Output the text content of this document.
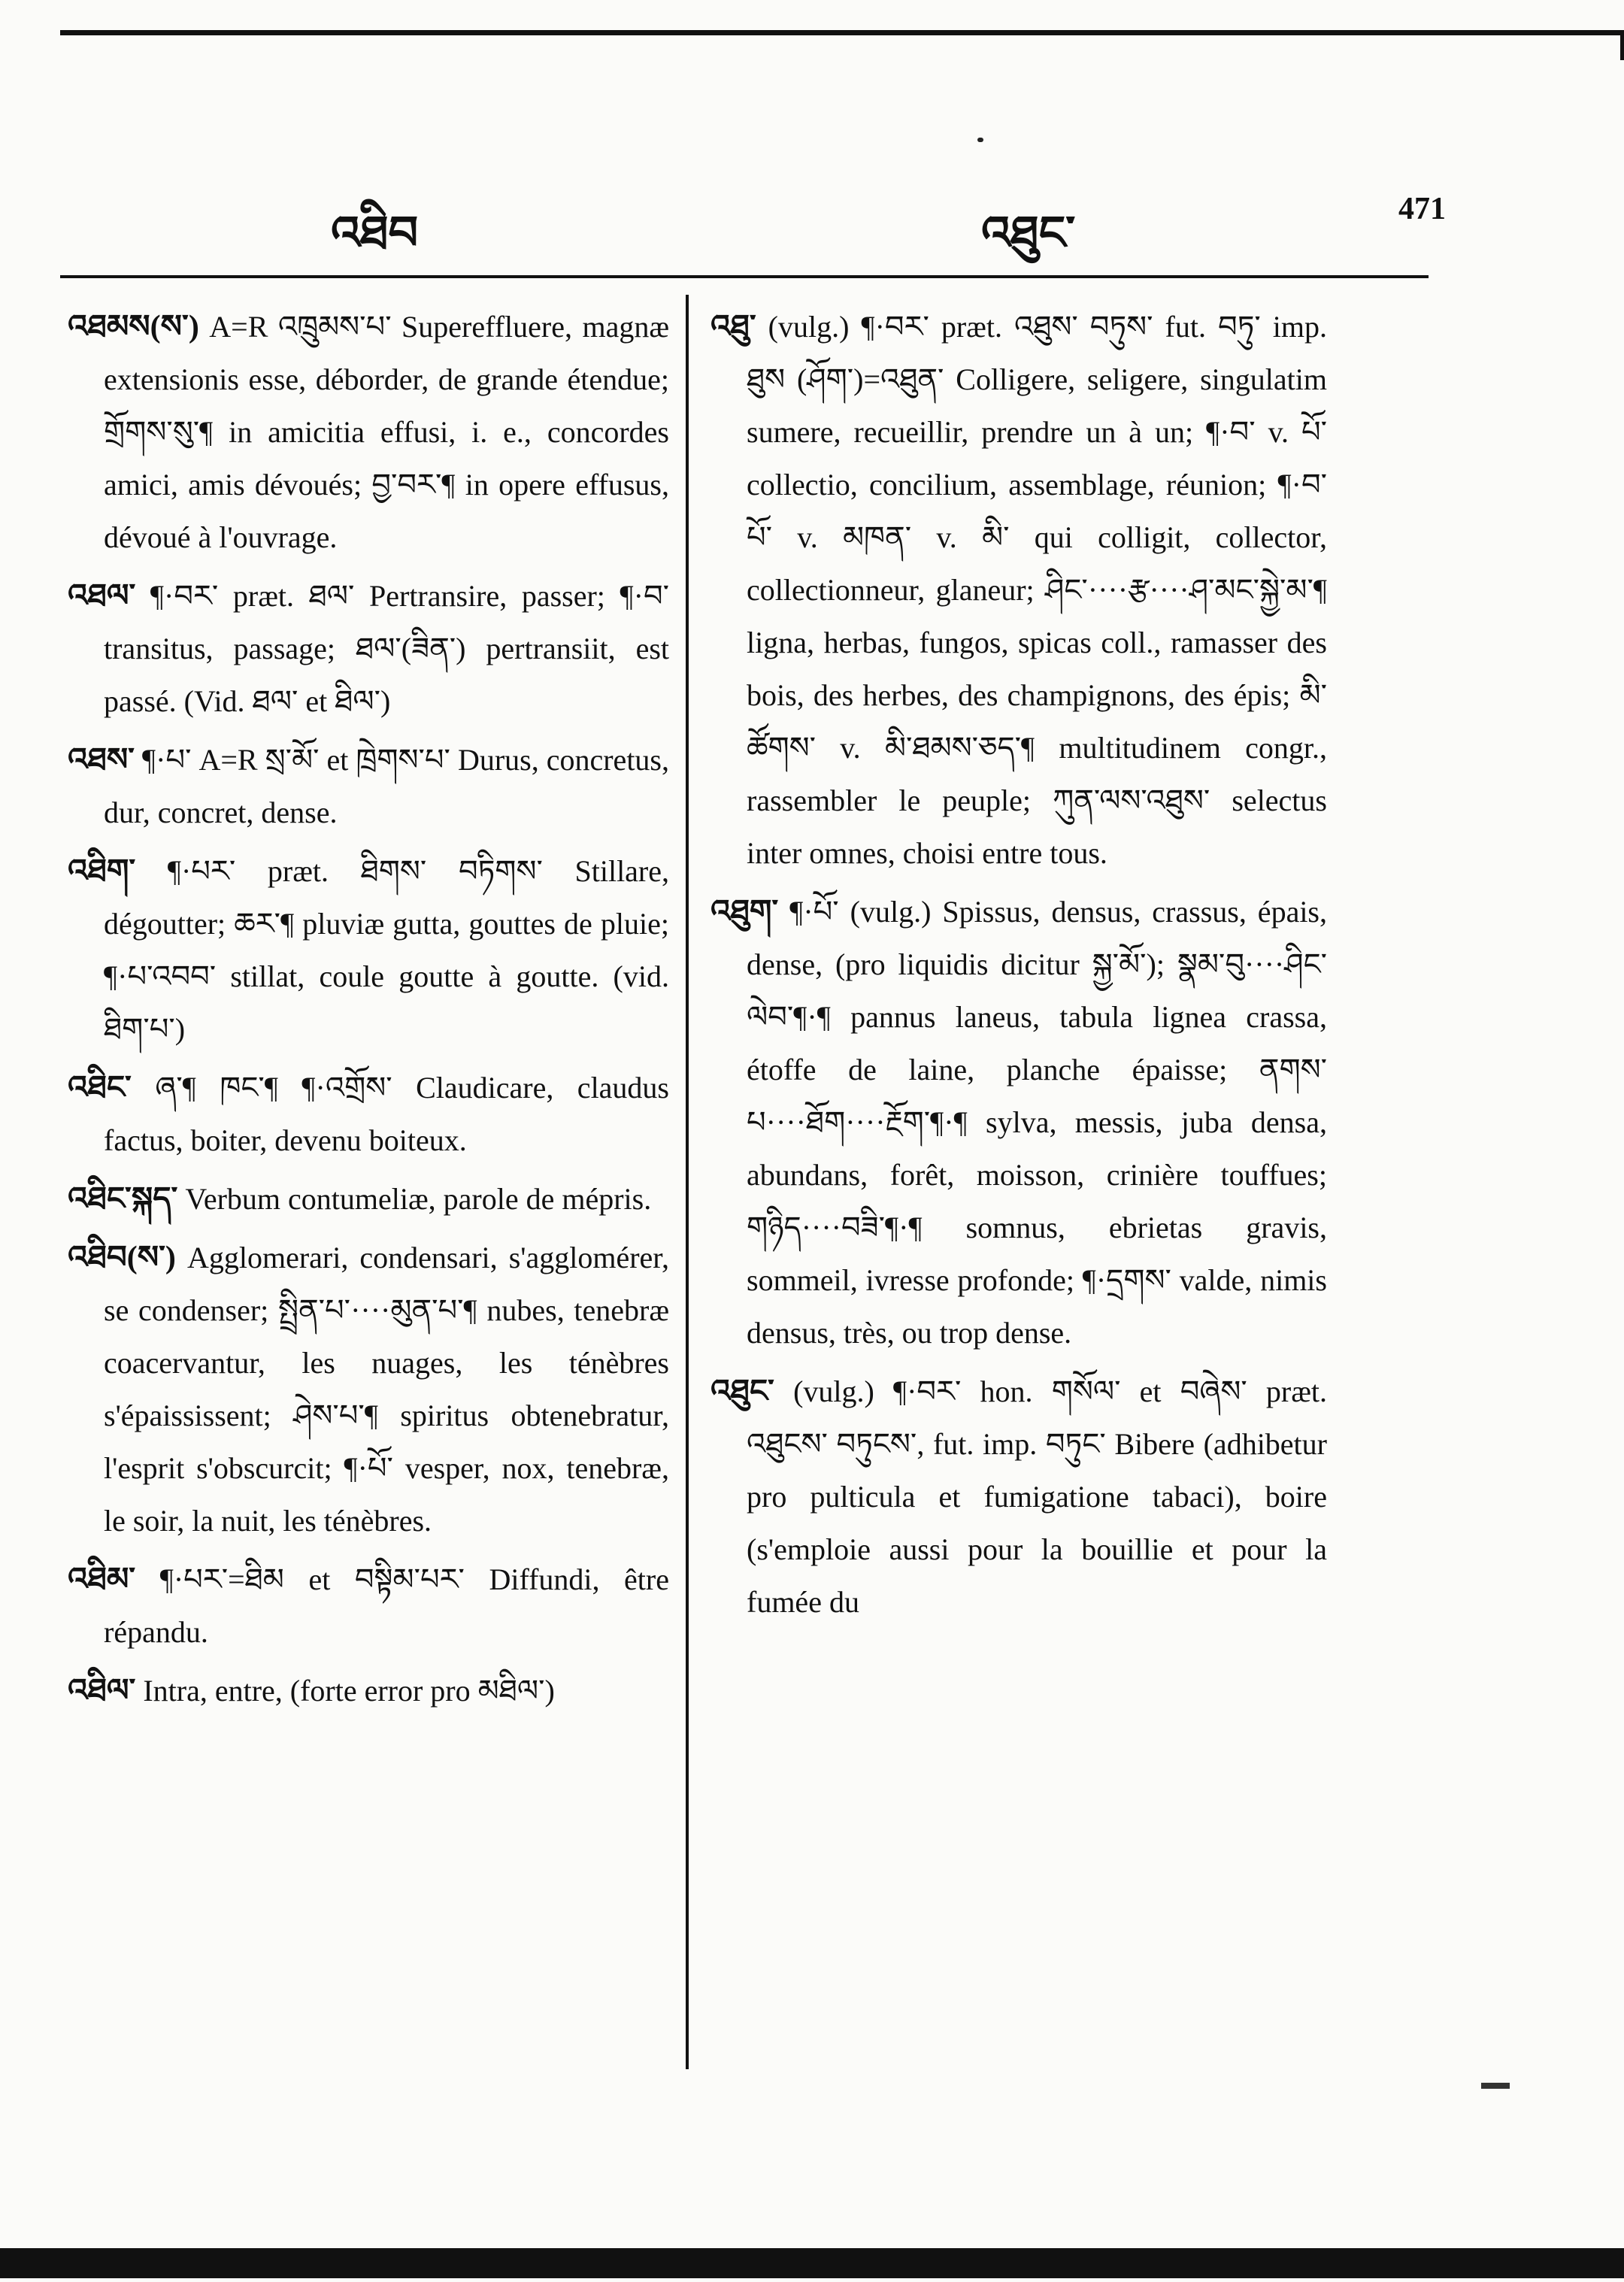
འཐིབ	འཐུང་	471

འཐམས(ས་) A=R འཁྲུམས་པ་ Supereffluere, magnæ extensionis esse, déborder, de grande étendue; གྲོགས་སུ་¶ in amicitia effusi, i. e., concordes amici, amis dévoués; བྱ་བར་¶ in opere effusus, dévoué à l'ouvrage.

འཐལ་ ¶·བར་ præt. ཐལ་ Pertransire, passer; ¶·བ་ transitus, passage; ཐལ་(ཟིན་) pertransiit, est passé. (Vid. ཐལ་ et ཐིལ་)

འཐས་ ¶·པ་ A=R སྲ་མོ་ et ཁྲེགས་པ་ Durus, concretus, dur, concret, dense.

འཐིག་ ¶·པར་ præt. ཐིགས་ བཏིགས་ Stillare, dégoutter; ཆར་¶ pluviæ gutta, gouttes de pluie; ¶·པ་འབབ་ stillat, coule goutte à goutte. (vid. ཐིག་པ་)

འཐིང་ ཞ་¶ ཁང་¶ ¶·འགྲོས་ Claudicare, claudus factus, boiter, devenu boiteux.

འཐིང་སྐད་ Verbum contumeliæ, parole de mépris.

འཐིབ(ས་) Agglomerari, condensari, s'agglomérer, se condenser; སྤྲིན་པ་····མུན་པ་¶ nubes, tenebræ coacervantur, les nuages, les ténèbres s'épaississent; ཤེས་པ་¶ spiritus obtenebratur, l'esprit s'obscurcit; ¶·པོ་ vesper, nox, tenebræ, le soir, la nuit, les ténèbres.

འཐིམ་ ¶·པར་=ཐིམ et བསྟིམ་པར་ Diffundi, être répandu.

འཐིལ་ Intra, entre, (forte error pro མཐིལ་)

འཐུ་ (vulg.) ¶·བར་ præt. འཐུས་ བཏུས་ fut. བཏུ་ imp. ཐུས (ཤོག་)=འཐུན་ Colligere, seligere, singulatim sumere, recueillir, prendre un à un; ¶·བ་ v. པོ་ collectio, concilium, assemblage, réunion; ¶·བ་པོ་ v. མཁན་ v. མི་ qui colligit, collector, collectionneur, glaneur; ཤིང་····རྩ····ཤ་མང་སྐྱེ་མ་¶ ligna, herbas, fungos, spicas coll., ramasser des bois, des herbes, des champignons, des épis; མི་ཚོགས་ v. མི་ཐམས་ཅད་¶ multitudinem congr., rassembler le peuple; ཀུན་ལས་འཐུས་ selectus inter omnes, choisi entre tous.

འཐུག་ ¶·པོ་ (vulg.) Spissus, densus, crassus, épais, dense, (pro liquidis dicitur སྐྱ་མོ་); སྣམ་བུ····ཤིང་ལེབ་¶·¶ pannus laneus, tabula lignea crassa, étoffe de laine, planche épaisse; ནགས་པ····ཐོག····རྔོག་¶·¶ sylva, messis, juba densa, abundans, forêt, moisson, crinière touffues; གཉིད····བཟི་¶·¶ somnus, ebrietas gravis, sommeil, ivresse profonde; ¶·དྲགས་ valde, nimis densus, très, ou trop dense.

འཐུང་ (vulg.) ¶·བར་ hon. གསོལ་ et བཞེས་ præt. འཐུངས་ བཏུངས་, fut. imp. བཏུང་ Bibere (adhibetur pro pulticula et fumigatione tabaci), boire (s'emploie aussi pour la bouillie et pour la fumée du
